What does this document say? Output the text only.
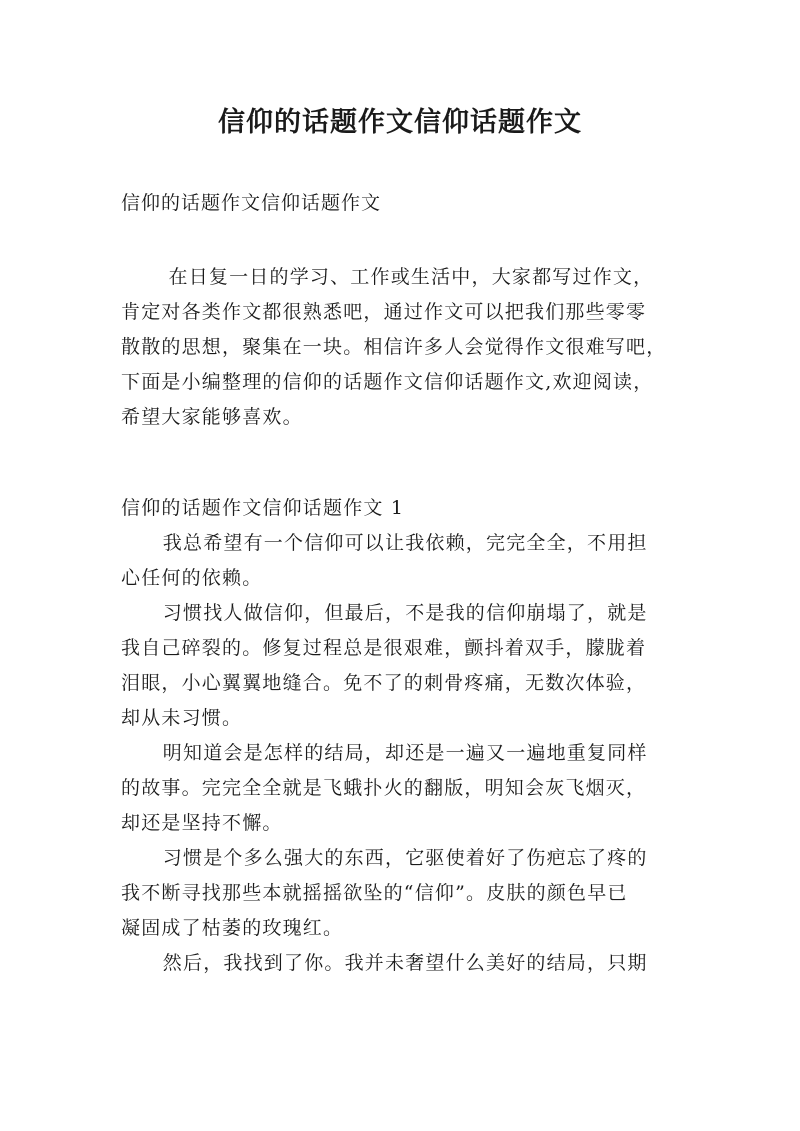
信仰的话题作文信仰话题作文
信仰的话题作文信仰话题作文
在日复一日的学习、工作或生活中，大家都写过作文，
肯定对各类作文都很熟悉吧，通过作文可以把我们那些零零
散散的思想，聚集在一块。相信许多人会觉得作文很难写吧，
下面是小编整理的信仰的话题作文信仰话题作文,欢迎阅读，
希望大家能够喜欢。
信仰的话题作文信仰话题作文 1
我总希望有一个信仰可以让我依赖，完完全全，不用担
心任何的依赖。
习惯找人做信仰，但最后，不是我的信仰崩塌了，就是
我自己碎裂的。修复过程总是很艰难，颤抖着双手，朦胧着
泪眼，小心翼翼地缝合。免不了的刺骨疼痛，无数次体验，
却从未习惯。
明知道会是怎样的结局，却还是一遍又一遍地重复同样
的故事。完完全全就是飞蛾扑火的翻版，明知会灰飞烟灭，
却还是坚持不懈。
习惯是个多么强大的东西，它驱使着好了伤疤忘了疼的
我不断寻找那些本就摇摇欲坠的“信仰”。皮肤的颜色早已
凝固成了枯萎的玫瑰红。
然后，我找到了你。我并未奢望什么美好的结局，只期
